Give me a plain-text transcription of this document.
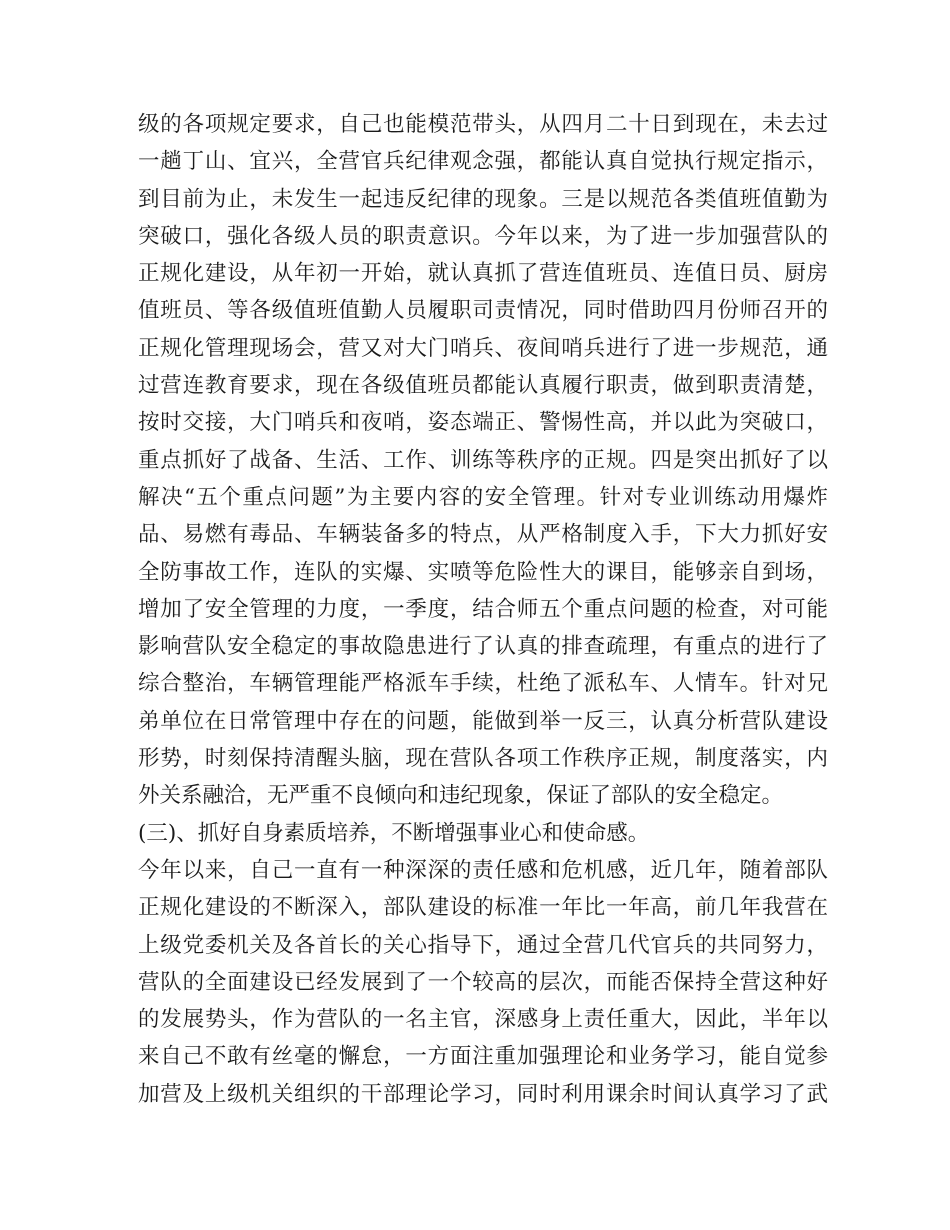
级的各项规定要求，自己也能模范带头，从四月二十日到现在，未去过
一趟丁山、宜兴，全营官兵纪律观念强，都能认真自觉执行规定指示，
到目前为止，未发生一起违反纪律的现象。三是以规范各类值班值勤为
突破口，强化各级人员的职责意识。今年以来，为了进一步加强营队的
正规化建设，从年初一开始，就认真抓了营连值班员、连值日员、厨房
值班员、等各级值班值勤人员履职司责情况，同时借助四月份师召开的
正规化管理现场会，营又对大门哨兵、夜间哨兵进行了进一步规范，通
过营连教育要求，现在各级值班员都能认真履行职责，做到职责清楚，
按时交接，大门哨兵和夜哨，姿态端正、警惕性高，并以此为突破口，
重点抓好了战备、生活、工作、训练等秩序的正规。四是突出抓好了以
解决“五个重点问题”为主要内容的安全管理。针对专业训练动用爆炸
品、易燃有毒品、车辆装备多的特点，从严格制度入手，下大力抓好安
全防事故工作，连队的实爆、实喷等危险性大的课目，能够亲自到场，
增加了安全管理的力度，一季度，结合师五个重点问题的检查，对可能
影响营队安全稳定的事故隐患进行了认真的排查疏理，有重点的进行了
综合整治，车辆管理能严格派车手续，杜绝了派私车、人情车。针对兄
弟单位在日常管理中存在的问题，能做到举一反三，认真分析营队建设
形势，时刻保持清醒头脑，现在营队各项工作秩序正规，制度落实，内
外关系融洽，无严重不良倾向和违纪现象，保证了部队的安全稳定。
(三)、抓好自身素质培养，不断增强事业心和使命感。
今年以来，自己一直有一种深深的责任感和危机感，近几年，随着部队
正规化建设的不断深入，部队建设的标准一年比一年高，前几年我营在
上级党委机关及各首长的关心指导下，通过全营几代官兵的共同努力，
营队的全面建设已经发展到了一个较高的层次，而能否保持全营这种好
的发展势头，作为营队的一名主官，深感身上责任重大，因此，半年以
来自己不敢有丝毫的懈怠，一方面注重加强理论和业务学习，能自觉参
加营及上级机关组织的干部理论学习，同时利用课余时间认真学习了武
